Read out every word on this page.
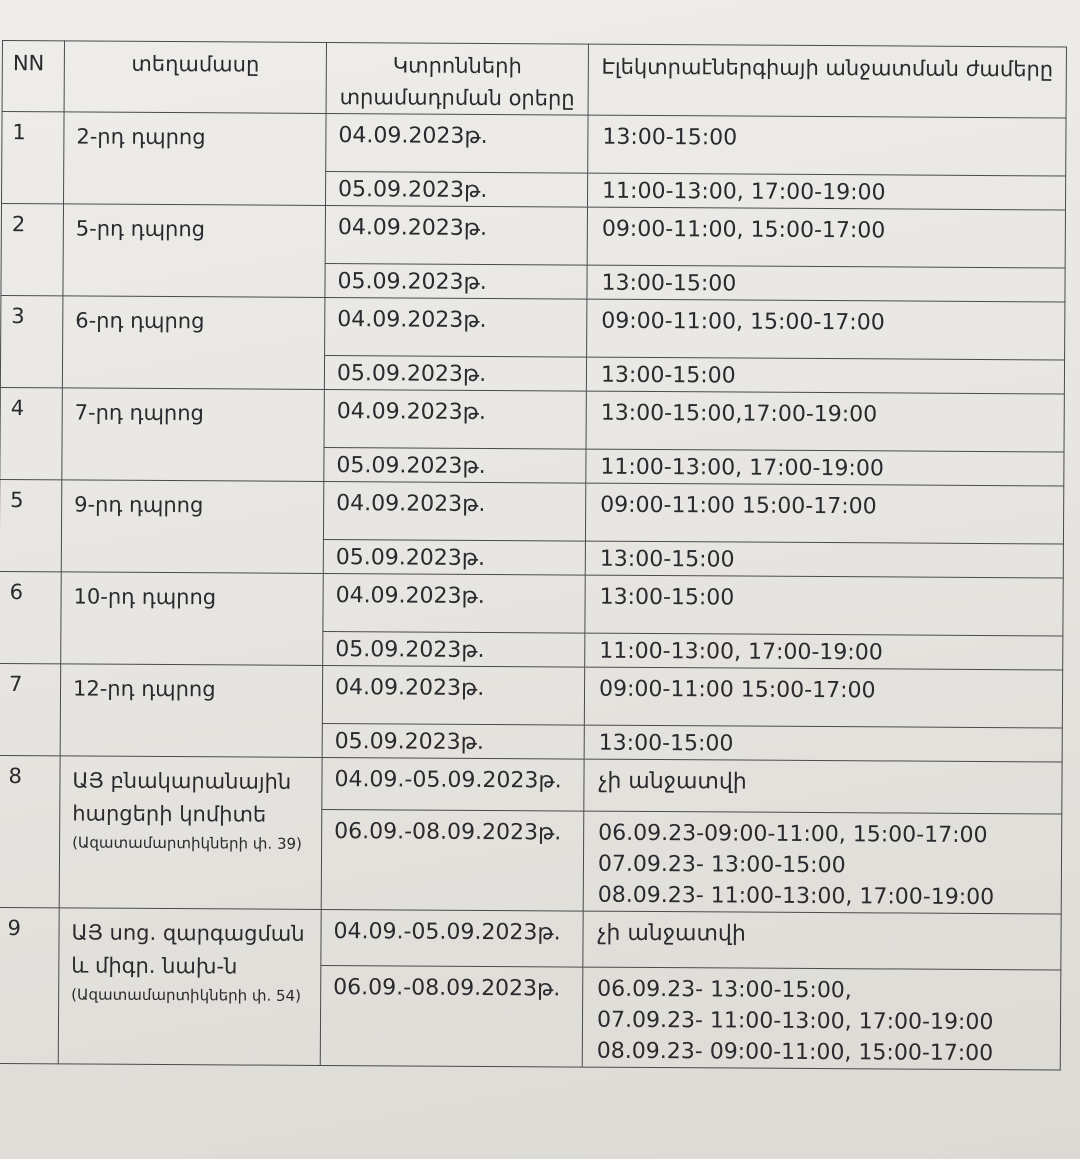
NN	տեղամասը	Կտրոնների տրամադրման օրերը	Էլեկտրաէներգիայի անջատման ժամերը
1	2-րդ դպրոց	04.09.2023թ.	13:00-15:00
		05.09.2023թ.	11:00-13:00, 17:00-19:00
2	5-րդ դպրոց	04.09.2023թ.	09:00-11:00, 15:00-17:00
		05.09.2023թ.	13:00-15:00
3	6-րդ դպրոց	04.09.2023թ.	09:00-11:00, 15:00-17:00
		05.09.2023թ.	13:00-15:00
4	7-րդ դպրոց	04.09.2023թ.	13:00-15:00,17:00-19:00
		05.09.2023թ.	11:00-13:00, 17:00-19:00
5	9-րդ դպրոց	04.09.2023թ.	09:00-11:00 15:00-17:00
		05.09.2023թ.	13:00-15:00
6	10-րդ դպրոց	04.09.2023թ.	13:00-15:00
		05.09.2023թ.	11:00-13:00, 17:00-19:00
7	12-րդ դպրոց	04.09.2023թ.	09:00-11:00 15:00-17:00
		05.09.2023թ.	13:00-15:00
8	ԱՅ բնակարանային
հարցերի կոմիտե
(Ազատամարտիկների փ. 39)	04.09.-05.09.2023թ.	չի անջատվի
		06.09.-08.09.2023թ.	06.09.23-09:00-11:00, 15:00-17:00
07.09.23- 13:00-15:00
08.09.23- 11:00-13:00, 17:00-19:00

9	ԱՅ սոց. զարգացման
և միգր. նախ-ն
(Ազատամարտիկների փ. 54)	04.09.-05.09.2023թ.	չի անջատվի
		06.09.-08.09.2023թ.	06.09.23- 13:00-15:00,
07.09.23- 11:00-13:00, 17:00-19:00
08.09.23- 09:00-11:00, 15:00-17:00
